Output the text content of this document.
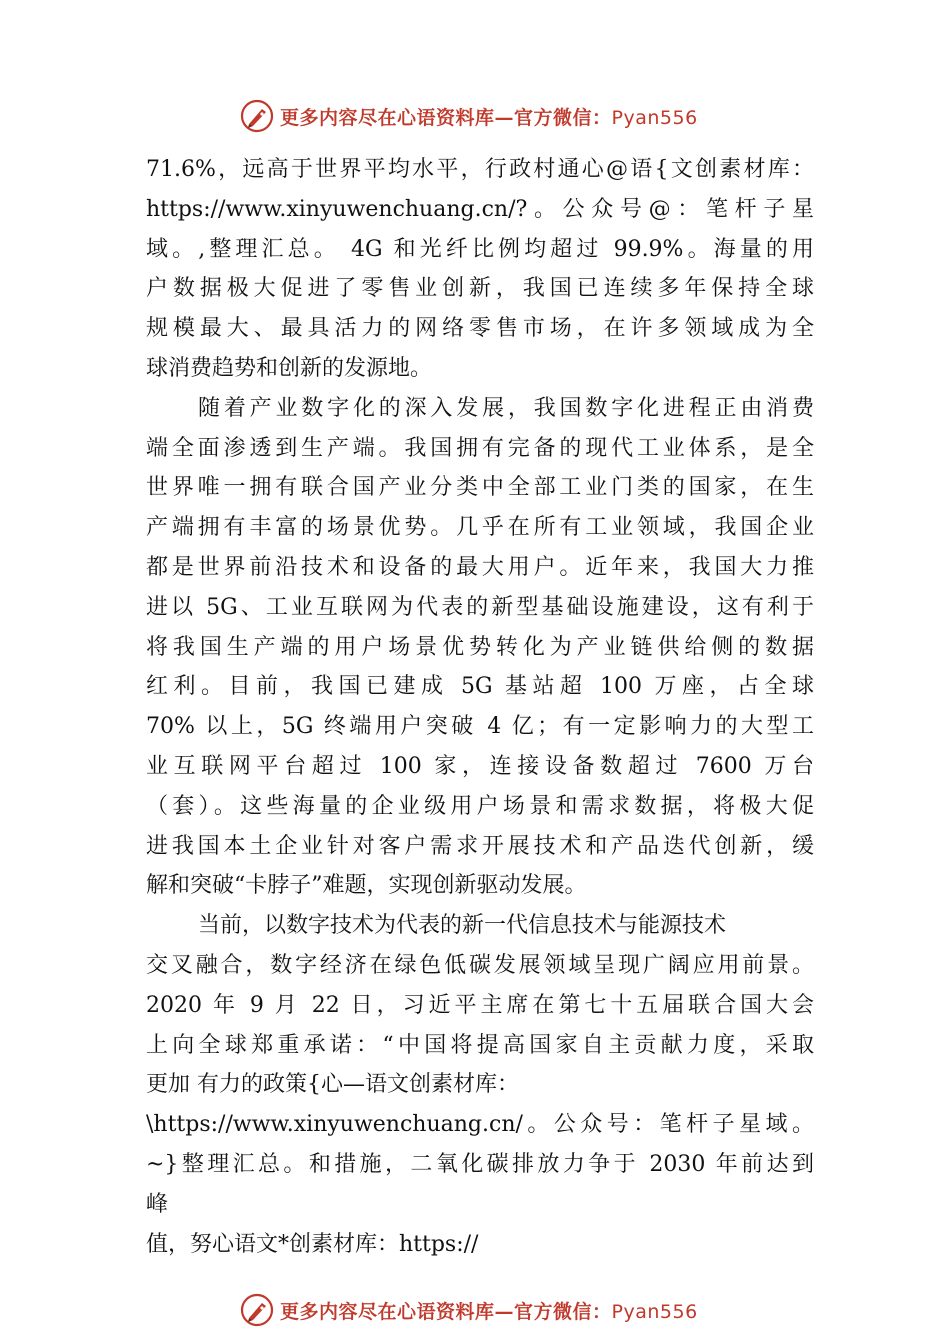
更多内容尽在心语资料库—官方微信：Pyan556
71.6%，远高于世界平均水平，行政村通心@语{文创素材库：
https://www.xinyuwenchuang.cn/?。公众号@：笔杆子星
域。,整理汇总。 4G 和光纤比例均超过 99.9%。海量的用
户数据极大促进了零售业创新，我国已连续多年保持全球
规模最大、最具活力的网络零售市场，在许多领域成为全
球消费趋势和创新的发源地。
随着产业数字化的深入发展，我国数字化进程正由消费
端全面渗透到生产端。我国拥有完备的现代工业体系，是全
世界唯一拥有联合国产业分类中全部工业门类的国家，在生
产端拥有丰富的场景优势。几乎在所有工业领域，我国企业
都是世界前沿技术和设备的最大用户。近年来，我国大力推
进以 5G、工业互联网为代表的新型基础设施建设，这有利于
将我国生产端的用户场景优势转化为产业链供给侧的数据
红利。目前，我国已建成 5G 基站超 100 万座，占全球
70% 以上，5G 终端用户突破 4 亿；有一定影响力的大型工
业互联网平台超过 100 家，连接设备数超过 7600 万台
（套）。这些海量的企业级用户场景和需求数据，将极大促
进我国本土企业针对客户需求开展技术和产品迭代创新，缓
解和突破“卡脖子”难题，实现创新驱动发展。
当前，以数字技术为代表的新一代信息技术与能源技术
交叉融合，数字经济在绿色低碳发展领域呈现广阔应用前景。
2020 年 9 月 22 日，习近平主席在第七十五届联合国大会
上向全球郑重承诺：“中国将提高国家自主贡献力度，采取
更加 有力的政策{心—语文创素材库：
\https://www.xinyuwenchuang.cn/。公众号：笔杆子星域。
~}整理汇总。和措施，二氧化碳排放力争于 2030 年前达到
峰
值，努心语文*创素材库：https://
更多内容尽在心语资料库—官方微信：Pyan556
